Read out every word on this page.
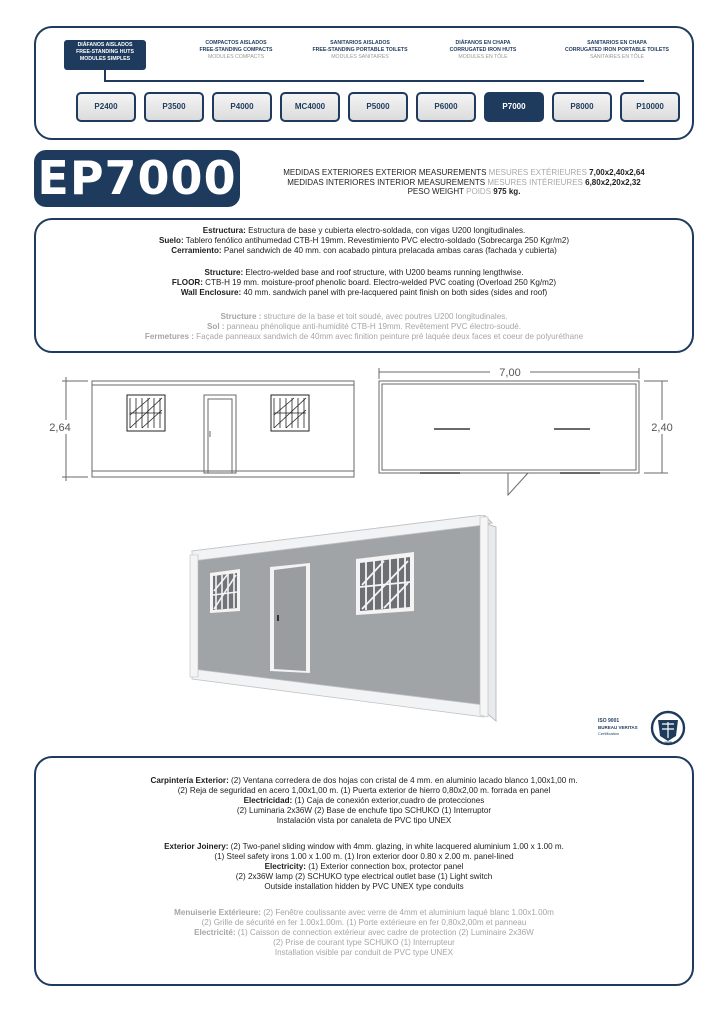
DIÁFANOS AISLADOS
FREE-STANDING HUTS
MODULES SIMPLES
COMPACTOS AISLADOS
FREE-STANDING COMPACTS
MODULES COMPACTS
SANITARIOS AISLADOS
FREE-STANDING PORTABLE TOILETS
MODULES SANITAIRES
DIÁFANOS EN CHAPA
CORRUGATED IRON HUTS
MODULES EN TÔLE
SANITARIOS EN CHAPA
CORRUGATED IRON PORTABLE TOILETS
SANITAIRES EN TÔLE
P2400	P3500	P4000	MC4000	P5000	P6000	P7000	P8000	P10000
EP7000	MEDIDAS EXTERIORES EXTERIOR MEASUREMENTS MESURES EXTÉRIEURES 7,00x2,40x2,64
MEDIDAS INTERIORES INTERIOR MEASUREMENTS MESURES INTÉRIEURES 6,80x2,20x2,32
PESO WEIGHT POIDS 975 kg.
Estructura: Estructura de base y cubierta electro-soldada, con vigas U200 longitudinales.
Suelo: Tablero fenólico antihumedad CTB-H 19mm. Revestimiento PVC electro-soldado (Sobrecarga 250 Kgr/m2)
Cerramiento: Panel sandwich de 40 mm. con acabado pintura prelacada ambas caras (fachada y cubierta)
Structure: Electro-welded base and roof structure, with U200 beams running lengthwise.
FLOOR: CTB-H 19 mm. moisture-proof phenolic board. Electro-welded PVC coating (Overload 250 Kg/m2)
Wall Enclosure: 40 mm. sandwich panel with pre-lacquered paint finish on both sides (sides and roof)
Structure : structure de la base et toit soudé, avec poutres U200 longitudinales.
Sol : panneau phénolique anti-humidité CTB-H 19mm. Revêtement PVC électro-soudé.
Fermetures : Façade panneaux sandwich de 40mm avec finition peinture pré laquée deux faces et coeur de polyuréthane
2,64
7,00
2,40
ISO 9001
BUREAU VERITAS
Certification
1828
Carpintería Exterior: (2) Ventana corredera de dos hojas con cristal de 4 mm. en aluminio lacado blanco 1,00x1,00 m.
(2) Reja de seguridad en acero 1,00x1,00 m. (1) Puerta exterior de hierro 0,80x2,00 m. forrada en panel
Electricidad: (1) Caja de conexión exterior,cuadro de protecciones
(2) Luminaria 2x36W (2) Base de enchufe tipo SCHUKO (1) Interruptor
Instalación vista por canaleta de PVC tipo UNEX
Exterior Joinery: (2) Two-panel sliding window with 4mm. glazing, in white lacquered aluminium 1.00 x 1.00 m.
(1) Steel safety irons 1.00 x 1.00 m. (1) Iron exterior door 0.80 x 2.00 m. panel-lined
Electricity: (1) Exterior connection box, protector panel
(2) 2x36W lamp (2) SCHUKO type electrical outlet base (1) Light switch
Outside installation hidden by PVC UNEX type conduits
Menuiserie Extérieure: (2) Fenêtre coulissante avec verre de 4mm et aluminium laqué blanc 1.00x1.00m
(2) Grille de sécurité en fer 1.00x1.00m. (1) Porte extérieure en fer 0,80x2,00m et panneau
Electricité: (1) Caisson de connection extérieur avec cadre de protection (2) Luminaire 2x36W
(2) Prise de courant type SCHUKO (1) Interrupteur
Installation visible par conduit de PVC type UNEX
